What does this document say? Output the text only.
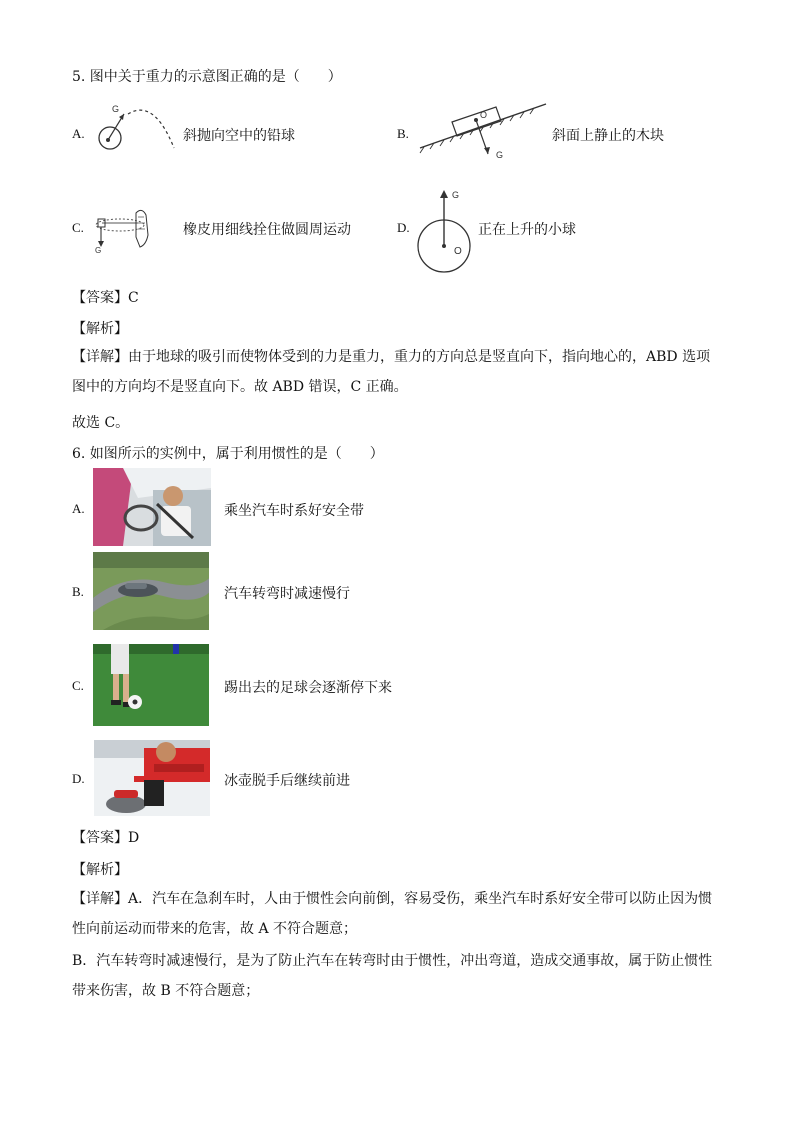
5. 图中关于重力的示意图正确的是（　　）
A.
G
斜抛向空中的铅球	B.
O
G
斜面上静止的木块
C.
G
橡皮用细线拴住做圆周运动	D.
G
O
正在上升的小球
【答案】C
【解析】
【详解】由于地球的吸引而使物体受到的力是重力，重力的方向总是竖直向下，指向地心的，ABD 选项图中的方向均不是竖直向下。故 ABD 错误，C 正确。
故选 C。
6. 如图所示的实例中，属于利用惯性的是（　　）
A.	乘坐汽车时系好安全带
B.	汽车转弯时减速慢行
C.	踢出去的足球会逐渐停下来
D.	冰壶脱手后继续前进
【答案】D
【解析】
【详解】A．汽车在急刹车时，人由于惯性会向前倒，容易受伤，乘坐汽车时系好安全带可以防止因为惯性向前运动而带来的危害，故 A 不符合题意；
B．汽车转弯时减速慢行，是为了防止汽车在转弯时由于惯性，冲出弯道，造成交通事故，属于防止惯性带来伤害，故 B 不符合题意；
